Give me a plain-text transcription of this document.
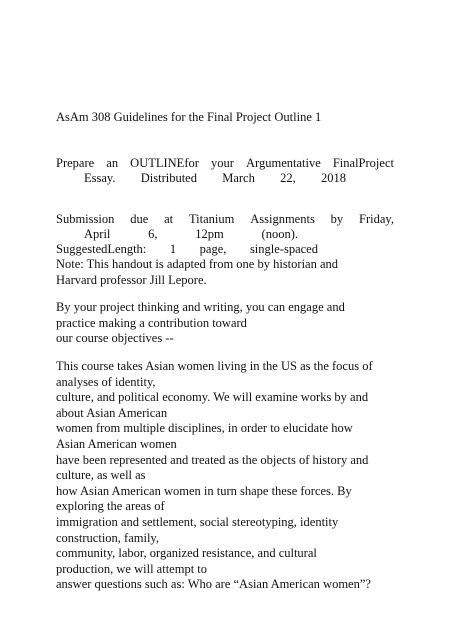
AsAm 308 Guidelines for the Final Project Outline 1
Prepare an OUTLINEfor your Argumentative FinalProject
Essay. Distributed March 22, 2018
Submission due at Titanium Assignments by Friday,
April	6,	12pm	(noon).
SuggestedLength: 1 page, single-spaced
Note: This handout is adapted from one by historian and
Harvard professor Jill Lepore.
By your project thinking and writing, you can engage and
practice making a contribution toward
our course objectives --
This course takes Asian women living in the US as the focus of
analyses of identity,
culture, and political economy. We will examine works by and
about Asian American
women from multiple disciplines, in order to elucidate how
Asian American women
have been represented and treated as the objects of history and
culture, as well as
how Asian American women in turn shape these forces. By
exploring the areas of
immigration and settlement, social stereotyping, identity
construction, family,
community, labor, organized resistance, and cultural
production, we will attempt to
answer questions such as: Who are “Asian American women”?
